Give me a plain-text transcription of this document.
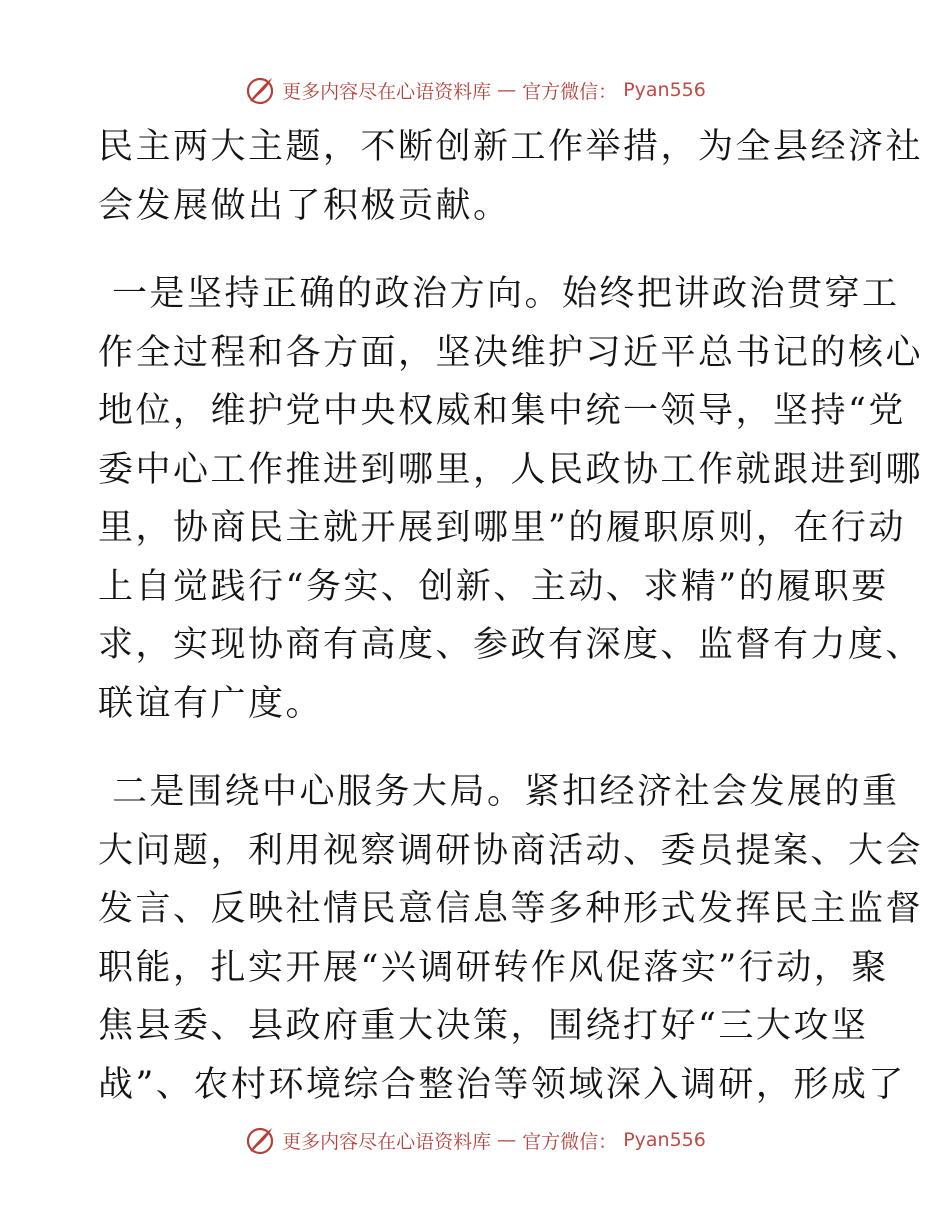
更多内容尽在心语资料库 — 官方微信： Pyan556
民主两大主题，不断创新工作举措，为全县经济社
会发展做出了积极贡献。
一是坚持正确的政治方向。始终把讲政治贯穿工
作全过程和各方面，坚决维护习近平总书记的核心
地位，维护党中央权威和集中统一领导，坚持“党
委中心工作推进到哪里，人民政协工作就跟进到哪
里，协商民主就开展到哪里”的履职原则，在行动
上自觉践行“务实、创新、主动、求精”的履职要
求，实现协商有高度、参政有深度、监督有力度、
联谊有广度。
二是围绕中心服务大局。紧扣经济社会发展的重
大问题，利用视察调研协商活动、委员提案、大会
发言、反映社情民意信息等多种形式发挥民主监督
职能，扎实开展“兴调研转作风促落实”行动，聚
焦县委、县政府重大决策，围绕打好“三大攻坚
战”、农村环境综合整治等领域深入调研，形成了
更多内容尽在心语资料库 — 官方微信： Pyan556
